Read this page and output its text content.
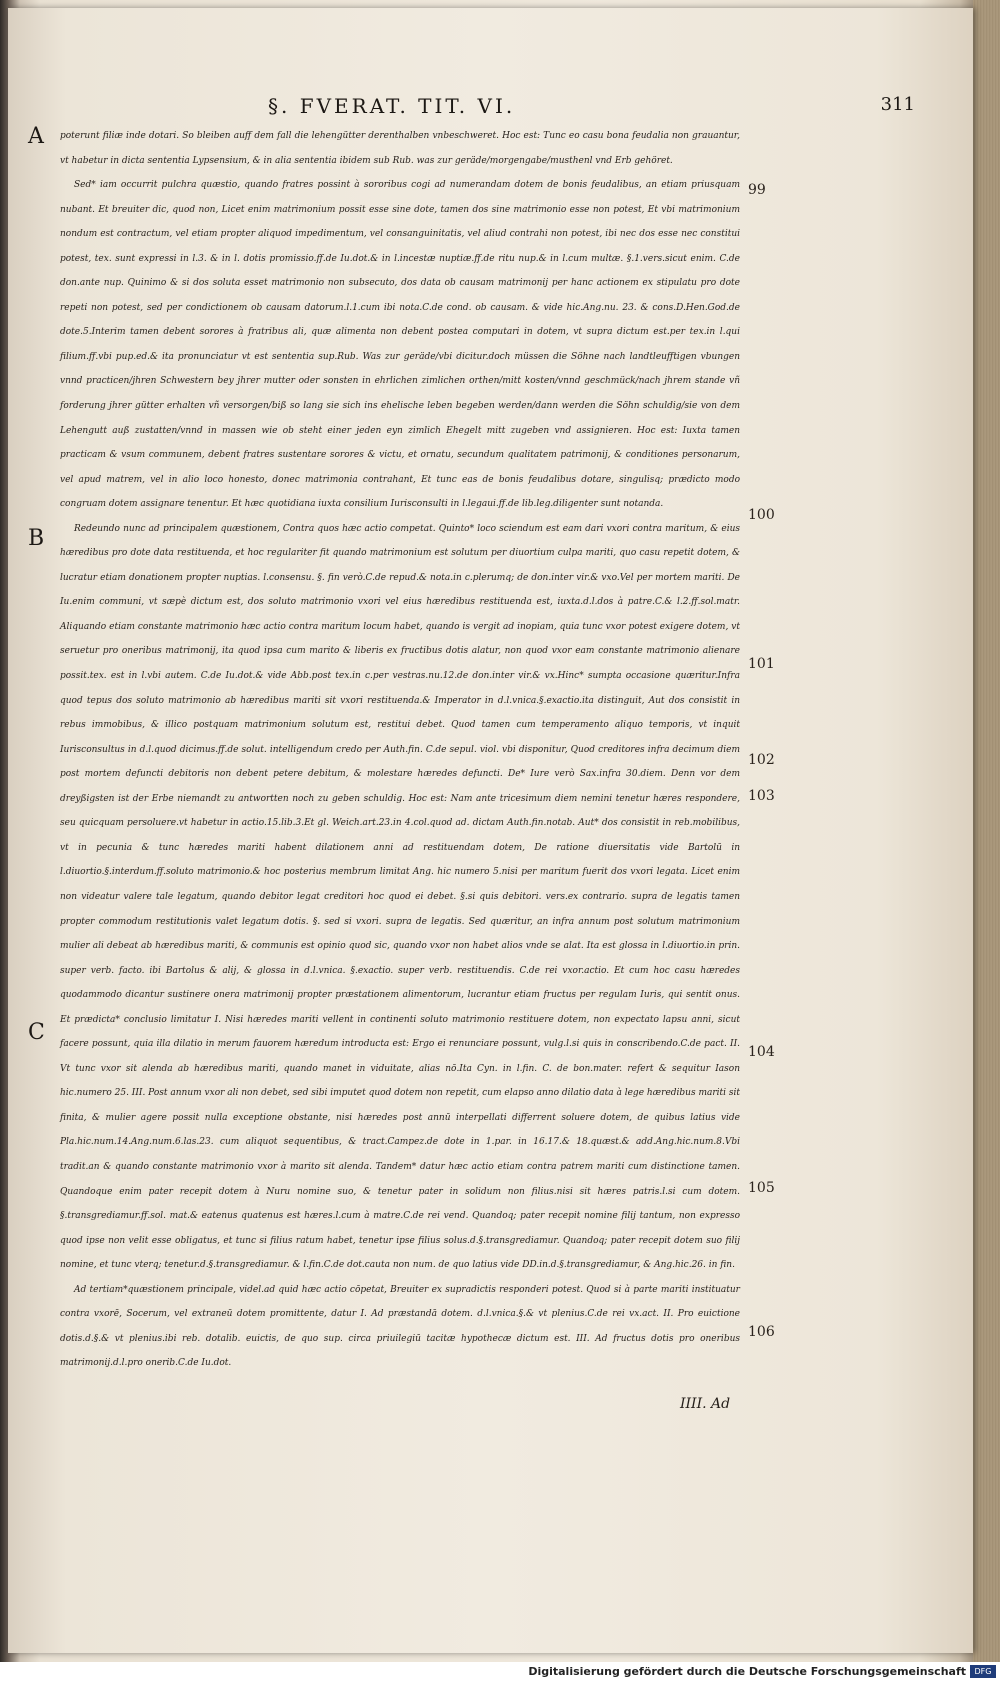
§. FVERAT. TIT. VI.	311
A
B
C
99
100
101
102
103
104
105
106

poterunt filiæ inde dotari. So bleiben auff dem fall die lehengütter derenthalben vnbeschweret. Hoc est: Tunc eo casu bona feudalia non grauantur, vt habetur in dicta sententia Lypsensium, & in alia sententia ibidem sub Rub. was zur geräde/morgengabe/musthenl vnd Erb gehöret.

Sed* iam occurrit pulchra quæstio, quando fratres possint à sororibus cogi ad numerandam dotem de bonis feudalibus, an etiam priusquam nubant. Et breuiter dic, quod non, Licet enim matrimonium possit esse sine dote, tamen dos sine matrimonio esse non potest, Et vbi matrimonium nondum est contractum, vel etiam propter aliquod impedimentum, vel consanguinitatis, vel aliud contrahi non potest, ibi nec dos esse nec constitui potest, tex. sunt expressi in l.3. & in l. dotis promissio.ff.de Iu.dot.& in l.incestæ nuptiæ.ff.de ritu nup.& in l.cum multæ. §.1.vers.sicut enim. C.de don.ante nup. Quinimo & si dos soluta esset matrimonio non subsecuto, dos data ob causam matrimonij per hanc actionem ex stipulatu pro dote repeti non potest, sed per condictionem ob causam datorum.l.1.cum ibi nota.C.de cond. ob causam. & vide hic.Ang.nu. 23. & cons.D.Hen.God.de dote.5.Interim tamen debent sorores à fratribus ali, quæ alimenta non debent postea computari in dotem, vt supra dictum est.per tex.in l.qui filium.ff.vbi pup.ed.& ita pronunciatur vt est sententia sup.Rub. Was zur geräde/vbi dicitur.doch müssen die Söhne nach landtleufftigen vbungen vnnd practicen/jhren Schwestern bey jhrer mutter oder sonsten in ehrlichen zimlichen orthen/mitt kosten/vnnd geschmück/nach jhrem stande vñ forderung jhrer gütter erhalten vñ versorgen/biß so lang sie sich ins ehelische leben begeben werden/dann werden die Söhn schuldig/sie von dem Lehengutt auß zustatten/vnnd in massen wie ob steht einer jeden eyn zimlich Ehegelt mitt zugeben vnd assignieren. Hoc est: Iuxta tamen practicam & vsum communem, debent fratres sustentare sorores & victu, et ornatu, secundum qualitatem patrimonij, & conditiones personarum, vel apud matrem, vel in alio loco honesto, donec matrimonia contrahant, Et tunc eas de bonis feudalibus dotare, singulisq; prædicto modo congruam dotem assignare tenentur. Et hæc quotidiana iuxta consilium Iurisconsulti in l.legaui.ff.de lib.leg.diligenter sunt notanda.

Redeundo nunc ad principalem quæstionem, Contra quos hæc actio competat. Quinto* loco sciendum est eam dari vxori contra maritum, & eius hæredibus pro dote data restituenda, et hoc regulariter fit quando matrimonium est solutum per diuortium culpa mariti, quo casu repetit dotem, & lucratur etiam donationem propter nuptias. l.consensu. §. fin verò.C.de repud.& nota.in c.plerumq; de don.inter vir.& vxo.Vel per mortem mariti. De Iu.enim communi, vt sæpè dictum est, dos soluto matrimonio vxori vel eius hæredibus restituenda est, iuxta.d.l.dos à patre.C.& l.2.ff.sol.matr. Aliquando etiam constante matrimonio hæc actio contra maritum locum habet, quando is vergit ad inopiam, quia tunc vxor potest exigere dotem, vt seruetur pro oneribus matrimonij, ita quod ipsa cum marito & liberis ex fructibus dotis alatur, non quod vxor eam constante matrimonio alienare possit.tex. est in l.vbi autem. C.de Iu.dot.& vide Abb.post tex.in c.per vestras.nu.12.de don.inter vir.& vx.Hinc* sumpta occasione quæritur.Infra quod tepus dos soluto matrimonio ab hæredibus mariti sit vxori restituenda.& Imperator in d.l.vnica.§.exactio.ita distinguit, Aut dos consistit in rebus immobibus, & illico postquam matrimonium solutum est, restitui debet. Quod tamen cum temperamento aliquo temporis, vt inquit Iurisconsultus in d.l.quod dicimus.ff.de solut. intelligendum credo per Auth.fin. C.de sepul. viol. vbi disponitur, Quod creditores infra decimum diem post mortem defuncti debitoris non debent petere debitum, & molestare hæredes defuncti. De* Iure verò Sax.infra 30.diem. Denn vor dem dreyßigsten ist der Erbe niemandt zu antwortten noch zu geben schuldig. Hoc est: Nam ante tricesimum diem nemini tenetur hæres respondere, seu quicquam persoluere.vt habetur in actio.15.lib.3.Et gl. Weich.art.23.in 4.col.quod ad. dictam Auth.fin.notab. Aut* dos consistit in reb.mobilibus, vt in pecunia & tunc hæredes mariti habent dilationem anni ad restituendam dotem, De ratione diuersitatis vide Bartolū in l.diuortio.§.interdum.ff.soluto matrimonio.& hoc posterius membrum limitat Ang. hic numero 5.nisi per maritum fuerit dos vxori legata. Licet enim non videatur valere tale legatum, quando debitor legat creditori hoc quod ei debet. §.si quis debitori. vers.ex contrario. supra de legatis tamen propter commodum restitutionis valet legatum dotis. §. sed si vxori. supra de legatis. Sed quæritur, an infra annum post solutum matrimonium mulier ali debeat ab hæredibus mariti, & communis est opinio quod sic, quando vxor non habet alios vnde se alat. Ita est glossa in l.diuortio.in prin. super verb. facto. ibi Bartolus & alij, & glossa in d.l.vnica. §.exactio. super verb. restituendis. C.de rei vxor.actio. Et cum hoc casu hæredes quodammodo dicantur sustinere onera matrimonij propter præstationem alimentorum, lucrantur etiam fructus per regulam Iuris, qui sentit onus. Et prædicta* conclusio limitatur I. Nisi hæredes mariti vellent in continenti soluto matrimonio restituere dotem, non expectato lapsu anni, sicut facere possunt, quia illa dilatio in merum fauorem hæredum introducta est: Ergo ei renunciare possunt, vulg.l.si quis in conscribendo.C.de pact. II. Vt tunc vxor sit alenda ab hæredibus mariti, quando manet in viduitate, alias nō.Ita Cyn. in l.fin. C. de bon.mater. refert & sequitur Iason hic.numero 25. III. Post annum vxor ali non debet, sed sibi imputet quod dotem non repetit, cum elapso anno dilatio data à lege hæredibus mariti sit finita, & mulier agere possit nulla exceptione obstante, nisi hæredes post annū interpellati differrent soluere dotem, de quibus latius vide Pla.hic.num.14.Ang.num.6.las.23. cum aliquot sequentibus, & tract.Campez.de dote in 1.par. in 16.17.& 18.quæst.& add.Ang.hic.num.8.Vbi tradit.an & quando constante matrimonio vxor à marito sit alenda. Tandem* datur hæc actio etiam contra patrem mariti cum distinctione tamen. Quandoque enim pater recepit dotem à Nuru nomine suo, & tenetur pater in solidum non filius.nisi sit hæres patris.l.si cum dotem. §.transgrediamur.ff.sol. mat.& eatenus quatenus est hæres.l.cum à matre.C.de rei vend. Quandoq; pater recepit nomine filij tantum, non expresso quod ipse non velit esse obligatus, et tunc si filius ratum habet, tenetur ipse filius solus.d.§.transgrediamur. Quandoq; pater recepit dotem suo filij nomine, et tunc vterq; tenetur.d.§.transgrediamur. & l.fin.C.de dot.cauta non num. de quo latius vide DD.in.d.§.transgrediamur, & Ang.hic.26. in fin.

Ad tertiam*quæstionem principale, videl.ad quid hæc actio cōpetat, Breuiter ex supradictis responderi potest. Quod si à parte mariti instituatur contra vxorē, Socerum, vel extraneū dotem promittente, datur I. Ad præstandā dotem. d.l.vnica.§.& vt plenius.C.de rei vx.act. II. Pro euictione dotis.d.§.& vt plenius.ibi reb. dotalib. euictis, de quo sup. circa priuilegiū tacitæ hypothecæ dictum est. III. Ad fructus dotis pro oneribus matrimonij.d.l.pro onerib.C.de Iu.dot.

IIII. Ad
Digitalisierung gefördert durch die Deutsche Forschungsgemeinschaft	DFG
